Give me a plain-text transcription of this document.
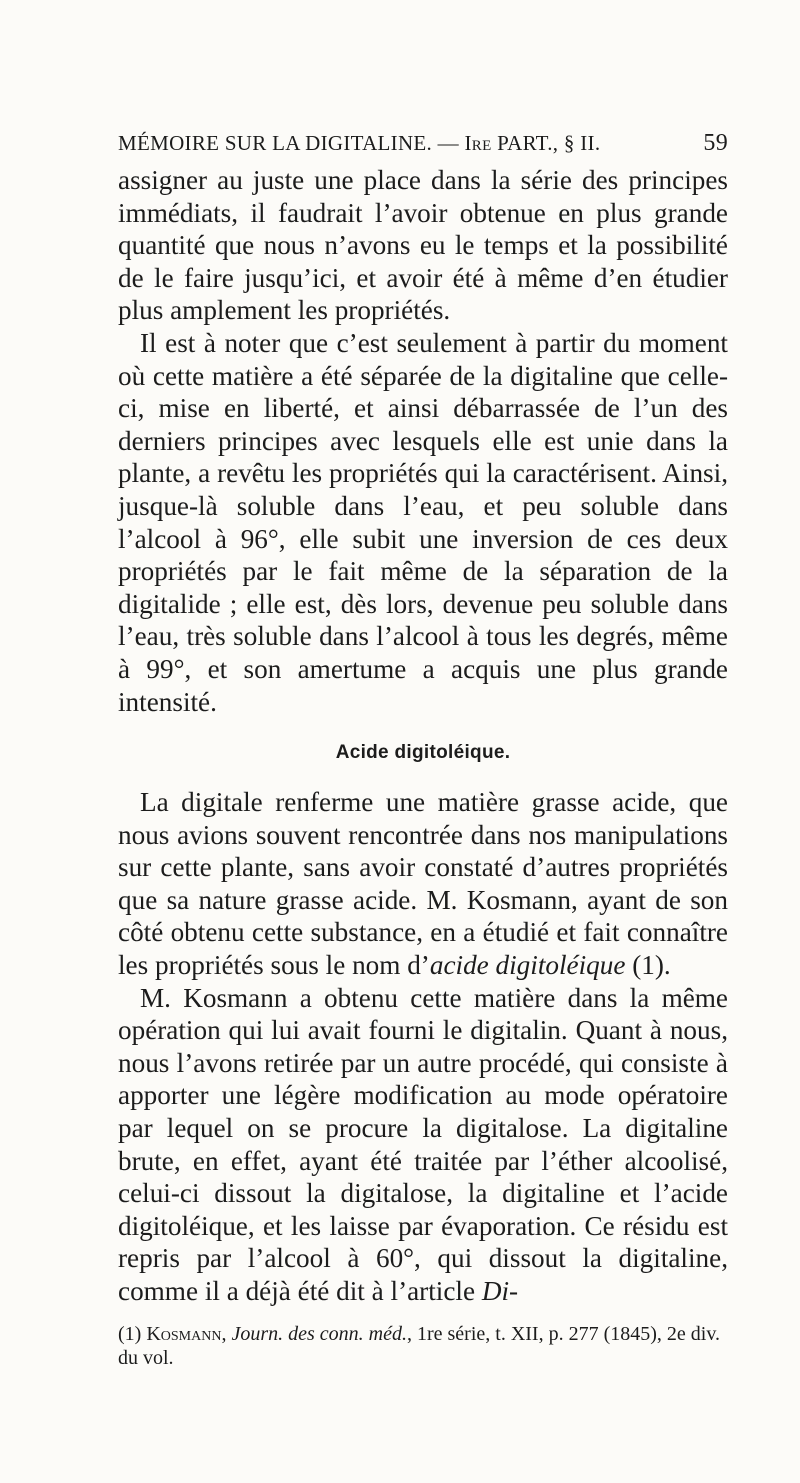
MÉMOIRE SUR LA DIGITALINE. — Ire PART., § II.	59

assigner au juste une place dans la série des principes immédiats, il faudrait l’avoir obtenue en plus grande quantité que nous n’avons eu le temps et la possibilité de le faire jusqu’ici, et avoir été à même d’en étudier plus amplement les propriétés.

Il est à noter que c’est seulement à partir du moment où cette matière a été séparée de la digitaline que celle-ci, mise en liberté, et ainsi débarrassée de l’un des derniers principes avec lesquels elle est unie dans la plante, a revêtu les propriétés qui la caractérisent. Ainsi, jusque-là soluble dans l’eau, et peu soluble dans l’alcool à 96°, elle subit une inversion de ces deux propriétés par le fait même de la séparation de la digitalide ; elle est, dès lors, devenue peu soluble dans l’eau, très soluble dans l’alcool à tous les degrés, même à 99°, et son amertume a acquis une plus grande intensité.

Acide digitoléique.

La digitale renferme une matière grasse acide, que nous avions souvent rencontrée dans nos manipulations sur cette plante, sans avoir constaté d’autres propriétés que sa nature grasse acide. M. Kosmann, ayant de son côté obtenu cette substance, en a étudié et fait connaître les propriétés sous le nom d’acide digitoléique (1).

M. Kosmann a obtenu cette matière dans la même opération qui lui avait fourni le digitalin. Quant à nous, nous l’avons retirée par un autre procédé, qui consiste à apporter une légère modification au mode opératoire par lequel on se procure la digitalose. La digitaline brute, en effet, ayant été traitée par l’éther alcoolisé, celui-ci dissout la digitalose, la digitaline et l’acide digitoléique, et les laisse par évaporation. Ce résidu est repris par l’alcool à 60°, qui dissout la digitaline, comme il a déjà été dit à l’article Di-

(1) Kosmann, Journ. des conn. méd., 1re série, t. XII, p. 277 (1845), 2e div. du vol.
